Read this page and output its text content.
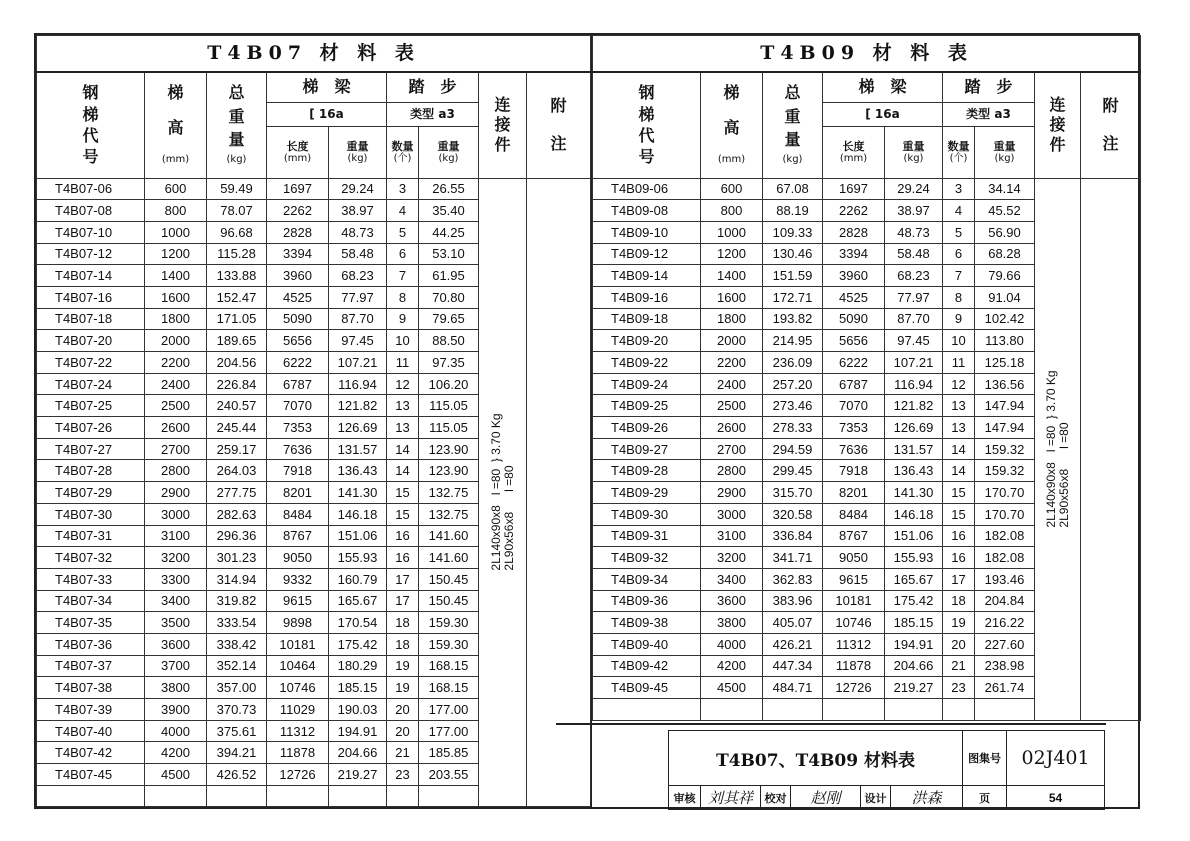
T4B07 材 料 表								

钢
梯
代
号	梯
高
(mm)	总
重
量
(kg)	梯　梁		踏　步		连
接
件	附
注

			[ 16a		类型 a3			
			长度
(mm)	重量
(kg)	数量
(个)	重量
(kg)		
T4B07-06	600	59.49	1697	29.24	3	26.55	2L140x90x8   l =80  } 3.70 Kg
2L90x56x8      l =80	

T4B07-08	800	78.07	2262	38.97	4	35.40		
T4B07-10	1000	96.68	2828	48.73	5	44.25		
T4B07-12	1200	115.28	3394	58.48	6	53.10		
T4B07-14	1400	133.88	3960	68.23	7	61.95		
T4B07-16	1600	152.47	4525	77.97	8	70.80		
T4B07-18	1800	171.05	5090	87.70	9	79.65		
T4B07-20	2000	189.65	5656	97.45	10	88.50		
T4B07-22	2200	204.56	6222	107.21	11	97.35		
T4B07-24	2400	226.84	6787	116.94	12	106.20		
T4B07-25	2500	240.57	7070	121.82	13	115.05		
T4B07-26	2600	245.44	7353	126.69	13	115.05		
T4B07-27	2700	259.17	7636	131.57	14	123.90		
T4B07-28	2800	264.03	7918	136.43	14	123.90		
T4B07-29	2900	277.75	8201	141.30	15	132.75		
T4B07-30	3000	282.63	8484	146.18	15	132.75		
T4B07-31	3100	296.36	8767	151.06	16	141.60		
T4B07-32	3200	301.23	9050	155.93	16	141.60		
T4B07-33	3300	314.94	9332	160.79	17	150.45		
T4B07-34	3400	319.82	9615	165.67	17	150.45		
T4B07-35	3500	333.54	9898	170.54	18	159.30		
T4B07-36	3600	338.42	10181	175.42	18	159.30		
T4B07-37	3700	352.14	10464	180.29	19	168.15		
T4B07-38	3800	357.00	10746	185.15	19	168.15		
T4B07-39	3900	370.73	11029	190.03	20	177.00		
T4B07-40	4000	375.61	11312	194.91	20	177.00		
T4B07-42	4200	394.21	11878	204.66	21	185.85		
T4B07-45	4500	426.52	12726	219.27	23	203.55		

T4B09 材 料 表								

钢
梯
代
号	梯
高
(mm)	总
重
量
(kg)	梯　梁		踏　步		连
接
件	附
注

			[ 16a		类型 a3			
			长度
(mm)	重量
(kg)	数量
(个)	重量
(kg)		
T4B09-06	600	67.08	1697	29.24	3	34.14	2L140x90x8   l =80  } 3.70 Kg
2L90x56x8      l =80	

T4B09-08	800	88.19	2262	38.97	4	45.52		
T4B09-10	1000	109.33	2828	48.73	5	56.90		
T4B09-12	1200	130.46	3394	58.48	6	68.28		
T4B09-14	1400	151.59	3960	68.23	7	79.66		
T4B09-16	1600	172.71	4525	77.97	8	91.04		
T4B09-18	1800	193.82	5090	87.70	9	102.42		
T4B09-20	2000	214.95	5656	97.45	10	113.80		
T4B09-22	2200	236.09	6222	107.21	11	125.18		
T4B09-24	2400	257.20	6787	116.94	12	136.56		
T4B09-25	2500	273.46	7070	121.82	13	147.94		
T4B09-26	2600	278.33	7353	126.69	13	147.94		
T4B09-27	2700	294.59	7636	131.57	14	159.32		
T4B09-28	2800	299.45	7918	136.43	14	159.32		
T4B09-29	2900	315.70	8201	141.30	15	170.70		
T4B09-30	3000	320.58	8484	146.18	15	170.70		
T4B09-31	3100	336.84	8767	151.06	16	182.08		
T4B09-32	3200	341.71	9050	155.93	16	182.08		
T4B09-34	3400	362.83	9615	165.67	17	193.46		
T4B09-36	3600	383.96	10181	175.42	18	204.84		
T4B09-38	3800	405.07	10746	185.15	19	216.22		
T4B09-40	4000	426.21	11312	194.91	20	227.60		
T4B09-42	4200	447.34	11878	204.66	21	238.98		
T4B09-45	4500	484.71	12726	219.27	23	261.74		

T4B07、T4B09 材料表						图集号	02J401
审核	刘其祥	校对	赵刚	设计	洪森	页	54
